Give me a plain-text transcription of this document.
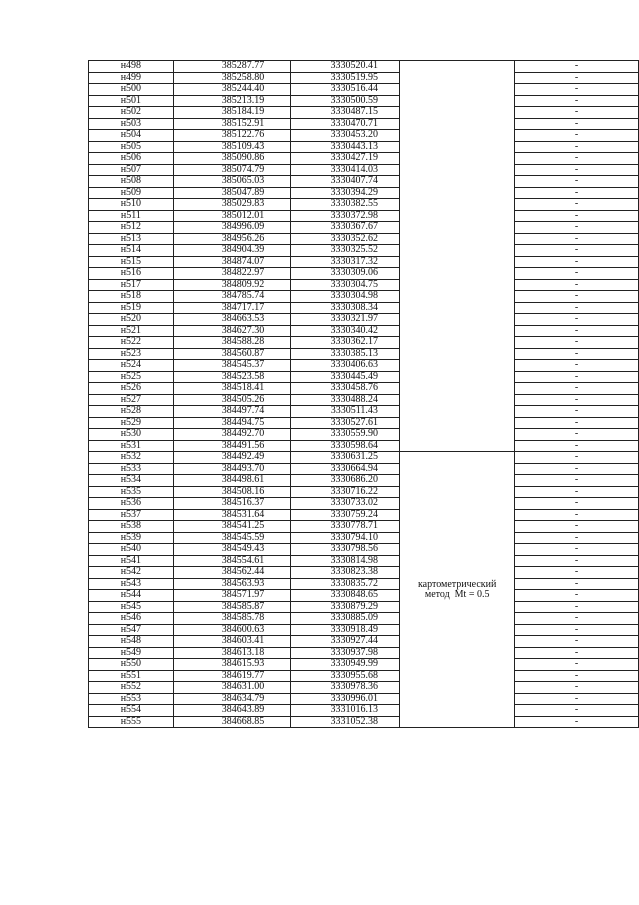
н498	385287.77	3330520.41		-
н499	385258.80	3330519.95		-
н500	385244.40	3330516.44		-
н501	385213.19	3330500.59		-
н502	385184.19	3330487.15		-
н503	385152.91	3330470.71		-
н504	385122.76	3330453.20		-
н505	385109.43	3330443.13		-
н506	385090.86	3330427.19		-
н507	385074.79	3330414.03		-
н508	385065.03	3330407.74		-
н509	385047.89	3330394.29		-
н510	385029.83	3330382.55		-
н511	385012.01	3330372.98		-
н512	384996.09	3330367.67		-
н513	384956.26	3330352.62		-
н514	384904.39	3330325.52		-
н515	384874.07	3330317.32		-
н516	384822.97	3330309.06		-
н517	384809.92	3330304.75		-
н518	384785.74	3330304.98		-
н519	384717.17	3330308.34		-
н520	384663.53	3330321.97		-
н521	384627.30	3330340.42		-
н522	384588.28	3330362.17		-
н523	384560.87	3330385.13		-
н524	384545.37	3330406.63		-
н525	384523.58	3330445.49		-
н526	384518.41	3330458.76		-
н527	384505.26	3330488.24		-
н528	384497.74	3330511.43		-
н529	384494.75	3330527.61		-
н530	384492.70	3330559.90		-
н531	384491.56	3330598.64		-
н532	384492.49	3330631.25	картометрический
метод  Mt = 0.5	-
н533	384493.70	3330664.94		-
н534	384498.61	3330686.20		-
н535	384508.16	3330716.22		-
н536	384516.37	3330733.02		-
н537	384531.64	3330759.24		-
н538	384541.25	3330778.71		-
н539	384545.59	3330794.10		-
н540	384549.43	3330798.56		-
н541	384554.61	3330814.98		-
н542	384562.44	3330823.38		-
н543	384563.93	3330835.72		-
н544	384571.97	3330848.65		-
н545	384585.87	3330879.29		-
н546	384585.78	3330885.09		-
н547	384600.63	3330918.49		-
н548	384603.41	3330927.44		-
н549	384613.18	3330937.98		-
н550	384615.93	3330949.99		-
н551	384619.77	3330955.68		-
н552	384631.00	3330978.36		-
н553	384634.79	3330996.01		-
н554	384643.89	3331016.13		-
н555	384668.85	3331052.38		-
